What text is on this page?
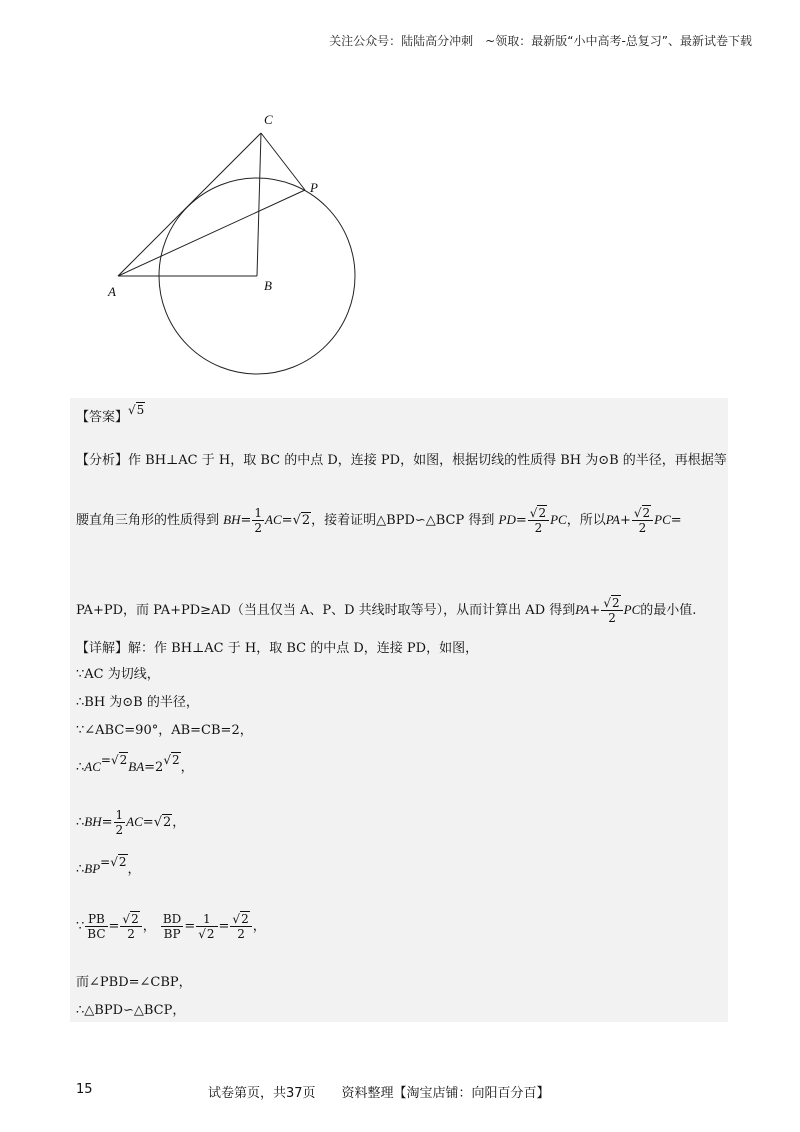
关注公众号：陆陆高分冲刺　~领取：最新版“小中高考-总复习”、最新试卷下载
C
P
A	B
【答案】√5
【分析】作 BH⊥AC 于 H，取 BC 的中点 D，连接 PD，如图，根据切线的性质得 BH 为⊙B 的半径，再根据等
腰直角三角形的性质得到 $BH= \frac{1}{2} AC=√2$，接着证明△BPD∽△BCP 得到 $PD= \frac{√2}{2}$ PC，所以$PA+ \frac{√2}{2} PC=$
PA+PD，而 PA+PD≥AD（当且仅当 A、P、D 共线时取等号），从而计算出 AD 得到$PA+ \frac{√2}{2}$ PC的最小值.
【详解】解：作 BH⊥AC 于 H，取 BC 的中点 D，连接 PD，如图，
∵AC 为切线，
∴BH 为⊙B 的半径，
∵∠ABC=90°，AB=CB=2，
∴AC=√2BA=2√2，
∴BH= $\frac{1}{2} AC=√2$，
∴BP=√2，
∵ $\frac{PB}{BC} = \frac{√2}{2}$ ， $\frac{BD}{BP} = \frac{1}{√2} = \frac{√2}{2}$ ，
而∠PBD=∠CBP，
∴△BPD∽△BCP，
15	试卷第页，共37页　　资料整理【淘宝店铺：向阳百分百】
